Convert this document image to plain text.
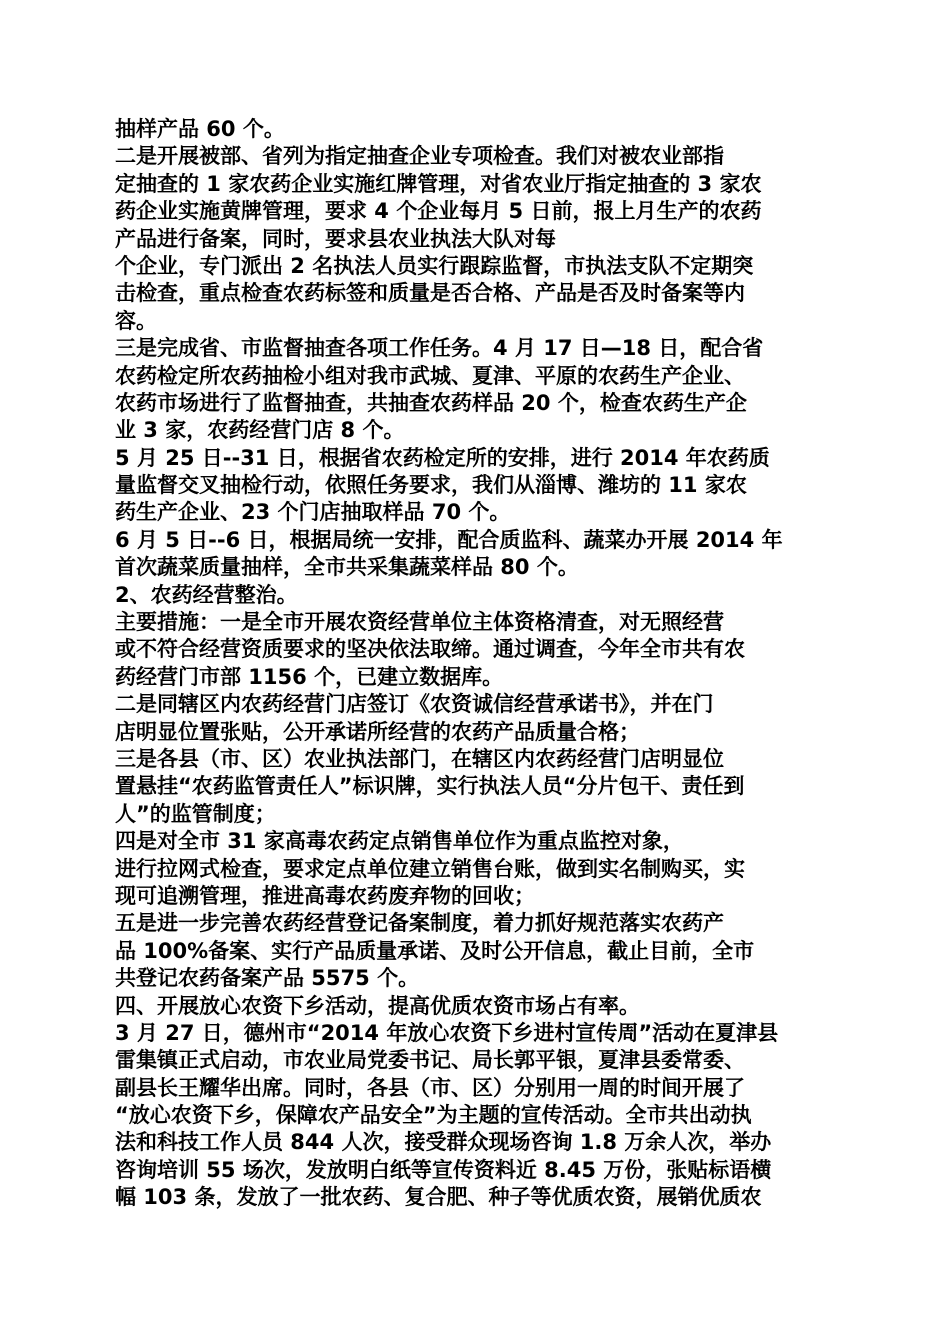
抽样产品 60 个。
二是开展被部、省列为指定抽查企业专项检查。我们对被农业部指
定抽查的 1 家农药企业实施红牌管理，对省农业厅指定抽查的 3 家农
药企业实施黄牌管理，要求 4 个企业每月 5 日前，报上月生产的农药
产品进行备案，同时，要求县农业执法大队对每
个企业，专门派出 2 名执法人员实行跟踪监督，市执法支队不定期突
击检查，重点检查农药标签和质量是否合格、产品是否及时备案等内
容。
三是完成省、市监督抽查各项工作任务。4 月 17 日—18 日，配合省
农药检定所农药抽检小组对我市武城、夏津、平原的农药生产企业、
农药市场进行了监督抽查，共抽查农药样品 20 个，检查农药生产企
业 3 家，农药经营门店 8 个。
5 月 25 日--31 日，根据省农药检定所的安排，进行 2014 年农药质
量监督交叉抽检行动，依照任务要求，我们从淄博、潍坊的 11 家农
药生产企业、23 个门店抽取样品 70 个。
6 月 5 日--6 日，根据局统一安排，配合质监科、蔬菜办开展 2014 年
首次蔬菜质量抽样，全市共采集蔬菜样品 80 个。
2、农药经营整治。
主要措施：一是全市开展农资经营单位主体资格清查，对无照经营
或不符合经营资质要求的坚决依法取缔。通过调查，今年全市共有农
药经营门市部 1156 个，已建立数据库。
二是同辖区内农药经营门店签订《农资诚信经营承诺书》，并在门
店明显位置张贴，公开承诺所经营的农药产品质量合格；
三是各县（市、区）农业执法部门，在辖区内农药经营门店明显位
置悬挂“农药监管责任人”标识牌，实行执法人员“分片包干、责任到
人”的监管制度；
四是对全市 31 家高毒农药定点销售单位作为重点监控对象，
进行拉网式检查，要求定点单位建立销售台账，做到实名制购买，实
现可追溯管理，推进高毒农药废弃物的回收；
五是进一步完善农药经营登记备案制度，着力抓好规范落实农药产
品 100%备案、实行产品质量承诺、及时公开信息，截止目前，全市
共登记农药备案产品 5575 个。
四、开展放心农资下乡活动，提高优质农资市场占有率。
3 月 27 日，德州市“2014 年放心农资下乡进村宣传周”活动在夏津县
雷集镇正式启动，市农业局党委书记、局长郭平银，夏津县委常委、
副县长王耀华出席。同时，各县（市、区）分别用一周的时间开展了
“放心农资下乡，保障农产品安全”为主题的宣传活动。全市共出动执
法和科技工作人员 844 人次，接受群众现场咨询 1.8 万余人次，举办
咨询培训 55 场次，发放明白纸等宣传资料近 8.45 万份，张贴标语横
幅 103 条，发放了一批农药、复合肥、种子等优质农资，展销优质农
